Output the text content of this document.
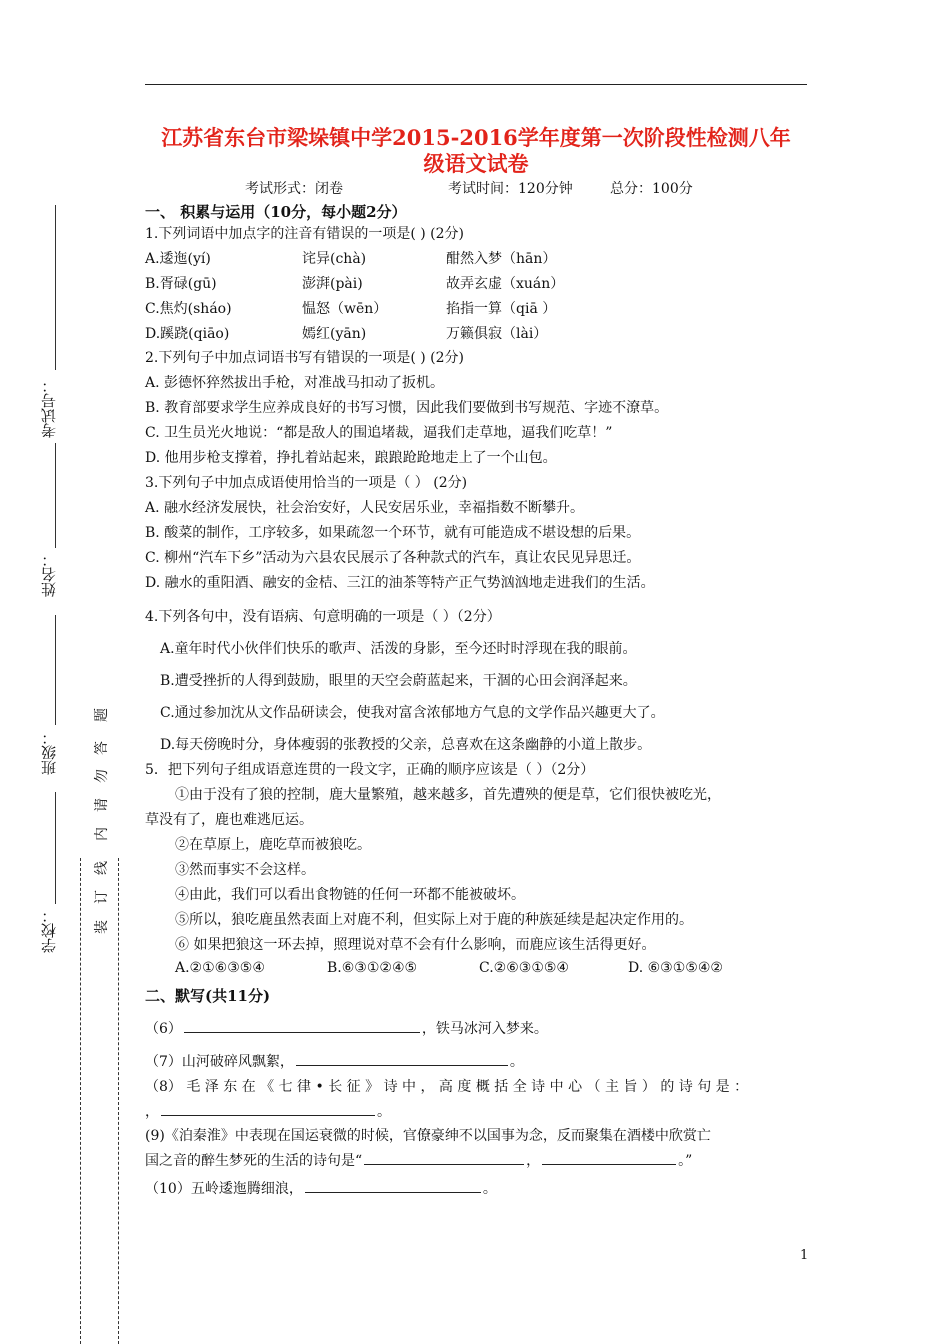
江苏省东台市梁垛镇中学2015-2016学年度第一次阶段性检测八年
级语文试卷
考试形式：闭卷	考试时间：120分钟	总分：100分
一、 积累与运用（10分，每小题2分）
1.下列词语中加点字的注音有错误的一项是( ) (2分)
A.逶迤(yí)	诧异(chà)	酣然入梦（hān）
B.胥碌(gū)	澎湃(pài)	故弄玄虚（xuán）
C.焦灼(sháo)	愠怒（wēn）	掐指一算（qiā ）
D.蹊跷(qiāo)	嫣红(yān)	万籁俱寂（lài）
2.下列句子中加点词语书写有错误的一项是( ) (2分)
A. 彭德怀猝然拔出手枪，对准战马扣动了扳机。
B. 教育部要求学生应养成良好的书写习惯，因此我们要做到书写规范、字迹不潦草。
C. 卫生员光火地说：“都是敌人的围追堵裁，逼我们走草地，逼我们吃草！”
D. 他用步枪支撑着，挣扎着站起来，踉踉跄跄地走上了一个山包。
3.下列句子中加点成语使用恰当的一项是（ ） (2分)
A. 融水经济发展快，社会治安好，人民安居乐业，幸福指数不断攀升。
B. 酸菜的制作，工序较多，如果疏忽一个环节，就有可能造成不堪设想的后果。
C. 柳州“汽车下乡”活动为六县农民展示了各种款式的汽车，真让农民见异思迁。
D. 融水的重阳酒、融安的金桔、三江的油茶等特产正气势汹汹地走进我们的生活。
4.下列各句中，没有语病、句意明确的一项是（ ）（2分）
A.童年时代小伙伴们快乐的歌声、活泼的身影，至今还时时浮现在我的眼前。
B.遭受挫折的人得到鼓励，眼里的天空会蔚蓝起来，干涸的心田会润泽起来。
C.通过参加沈从文作品研读会，使我对富含浓郁地方气息的文学作品兴趣更大了。
D.每天傍晚时分，身体瘦弱的张教授的父亲，总喜欢在这条幽静的小道上散步。
5．把下列句子组成语意连贯的一段文字，正确的顺序应该是（ ）（2分）
①由于没有了狼的控制，鹿大量繁殖，越来越多，首先遭殃的便是草，它们很快被吃光，
草没有了，鹿也难逃厄运。
②在草原上，鹿吃草而被狼吃。
③然而事实不会这样。
④由此，我们可以看出食物链的任何一环都不能被破坏。
⑤所以，狼吃鹿虽然表面上对鹿不利，但实际上对于鹿的种族延续是起决定作用的。
⑥ 如果把狼这一环去掉，照理说对草不会有什么影响，而鹿应该生活得更好。
A.②①⑥③⑤④	B.⑥③①②④⑤	C.②⑥③①⑤④	D. ⑥③①⑤④②
二、默写(共11分)
（6）	，铁马冰河入梦来。
（7）山河破碎风飘絮，	。
（8） 毛 泽 东 在 《 七 律 • 长 征 》 诗 中 ， 高 度 概 括 全 诗 中 心 （ 主 旨 ） 的 诗 句 是 ：
，	。
(9)《泊秦淮》中表现在国运衰微的时候，官僚豪绅不以国事为念，反而聚集在酒楼中欣赏亡
国之音的醉生梦死的生活的诗句是“	，	。”
（10）五岭逶迤腾细浪，	。
考试号：
姓名：
班级：
学校：
题
答
勿
请
内
线
订
装
1
